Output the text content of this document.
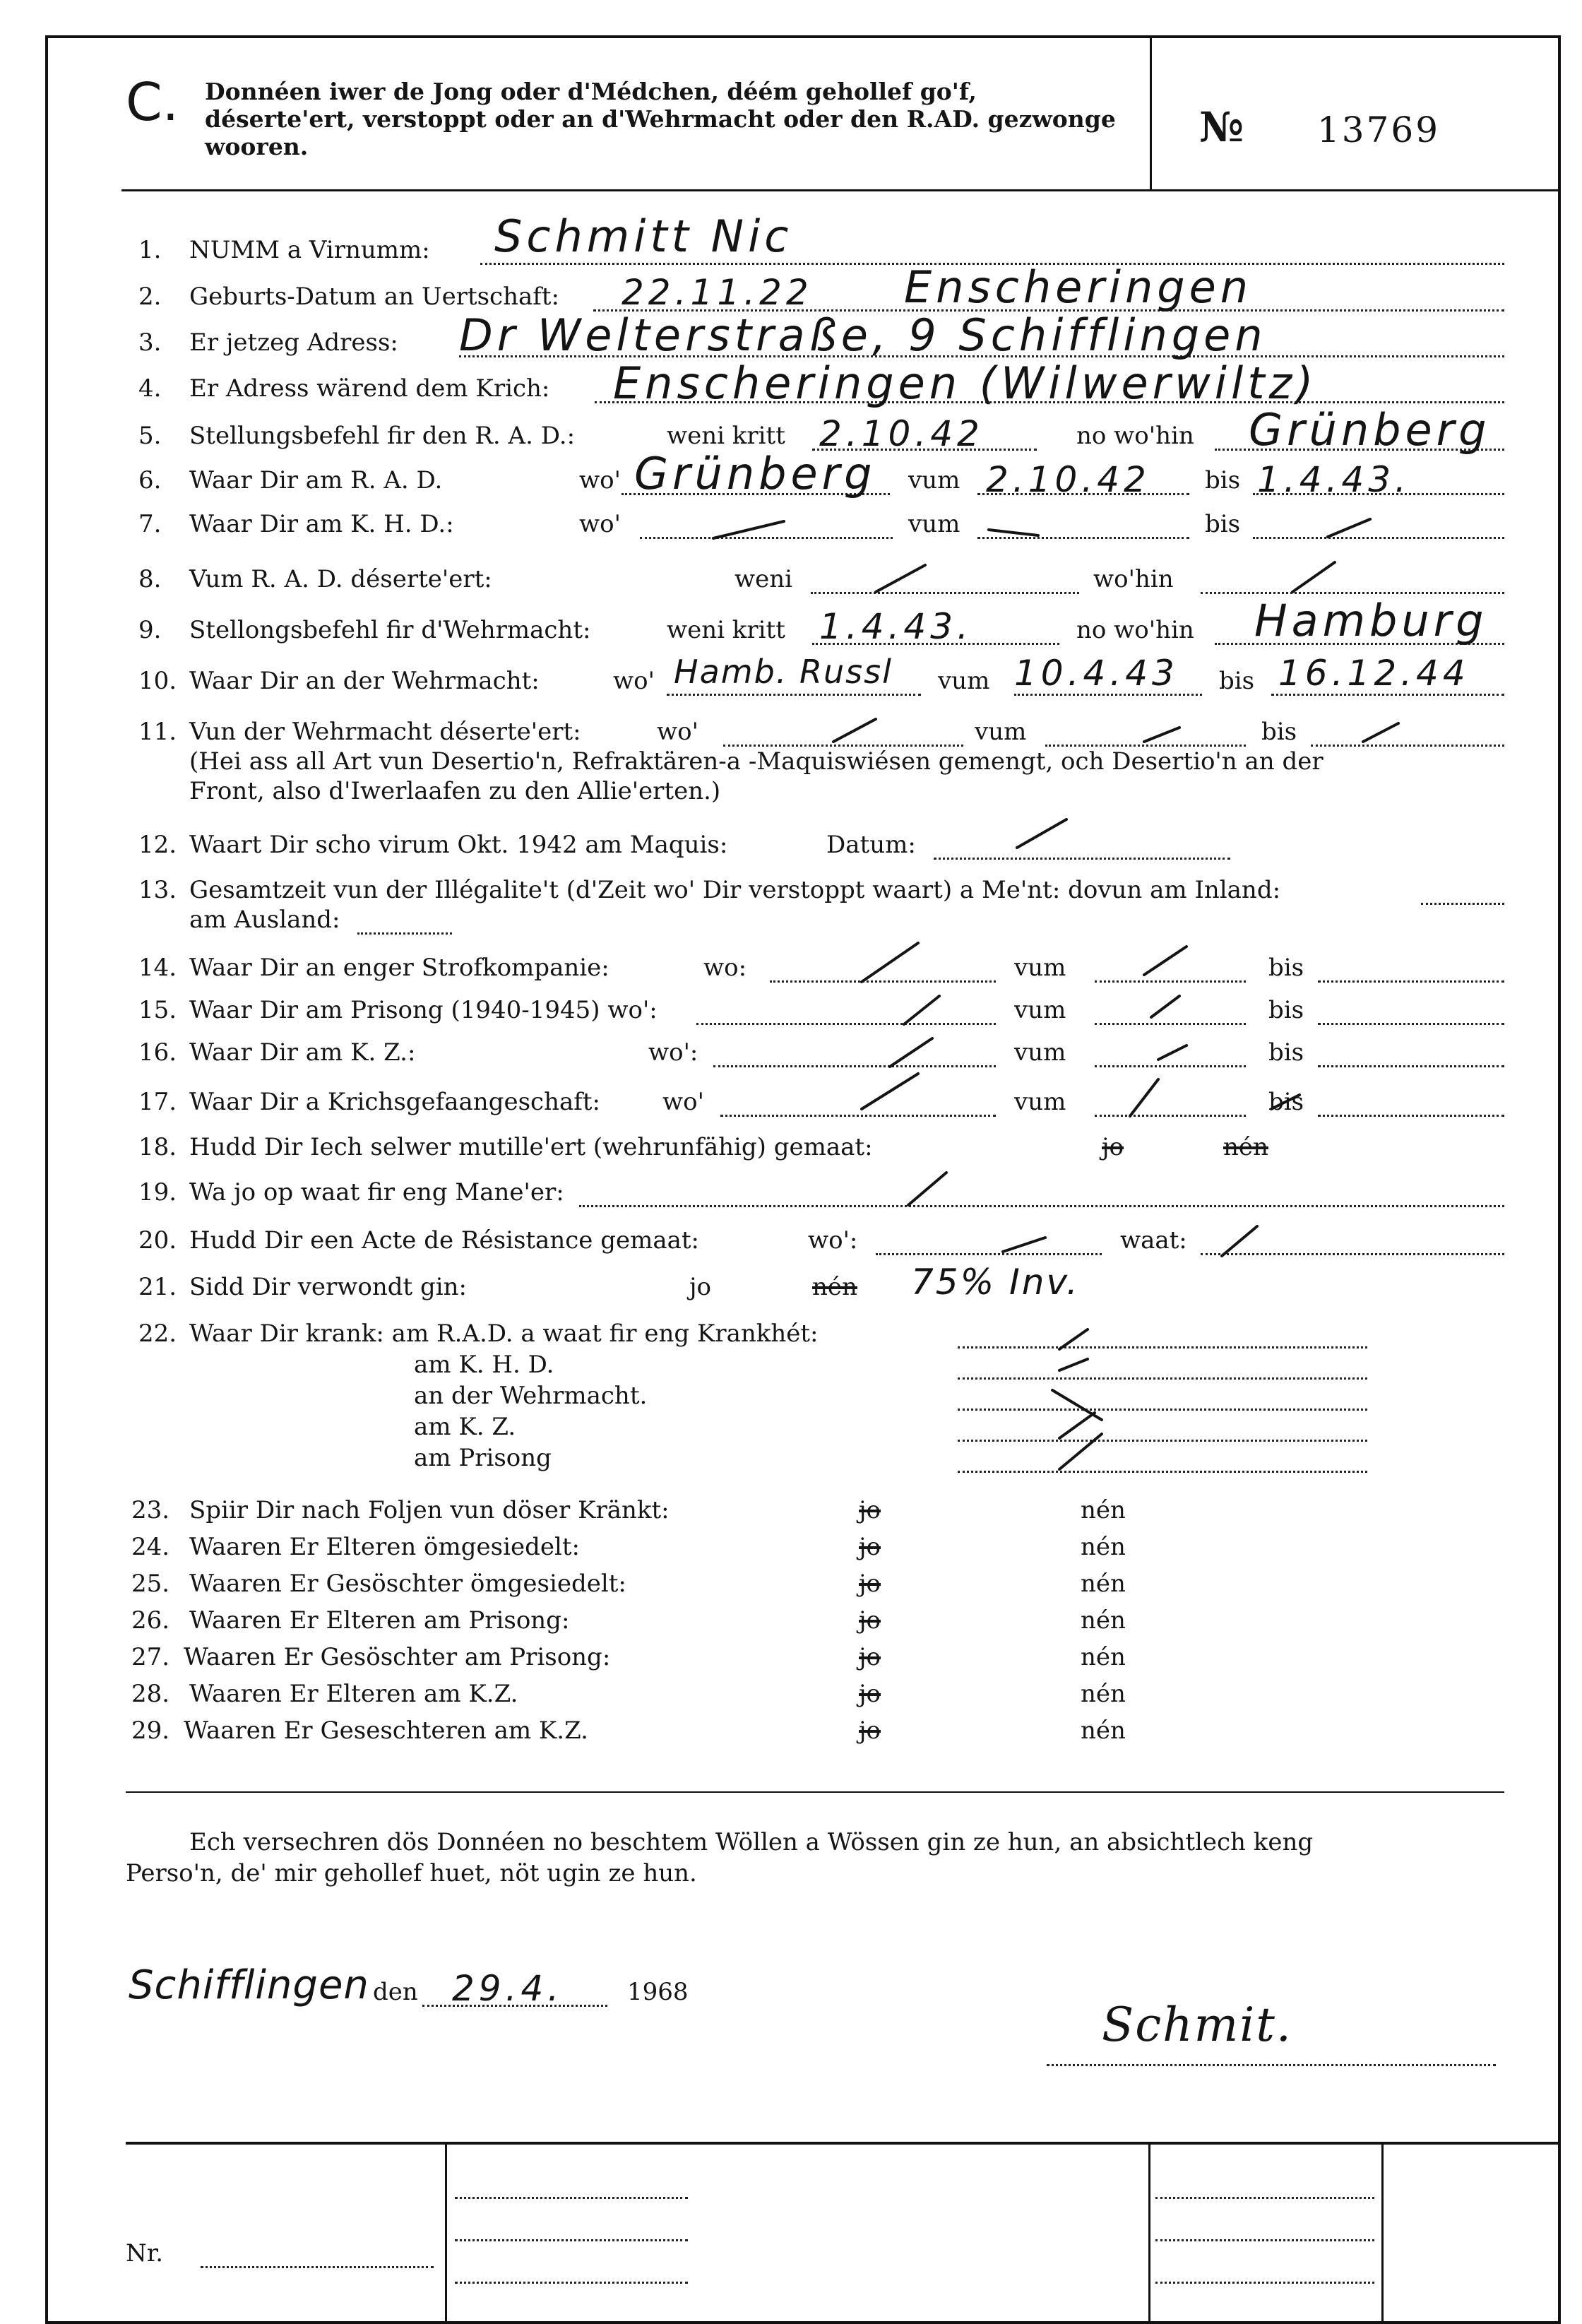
C. Donnéen iwer de Jong oder d'Médchen, déém gehollef go'f, déserte'ert, verstoppt oder an d'Wehrmacht oder den R.AD. gezwonge wooren.	№ 13769
1. NUMM a Virnumm: Schmitt Nic
2. Geburts-Datum an Uertschaft: 22.11.22 Enscheringen
3. Er jetzeg Adress: Dr Welterstraße, 9 Schifflingen
4. Er Adress wärend dem Krich: Enscheringen (Wilwerwiltz)
5. Stellungsbefehl fir den R. A. D.:	weni kritt 2.10.42	no wo'hin Grünberg
6. Waar Dir am R. A. D.	wo' Grünberg vum 2.10.42 bis 1.4.43.
7. Waar Dir am K. H. D.:	wo'	vum	bis
8. Vum R. A. D. déserte'ert:	weni	wo'hin
9. Stellongsbefehl fir d'Wehrmacht:	weni kritt 1.4.43.	no wo'hin Hamburg
10. Waar Dir an der Wehrmacht:	wo' Hamb. Russl vum 10.4.43 bis 16.12.44
11. Vun der Wehrmacht déserte'ert:	wo'	vum	bis
(Hei ass all Art vun Desertio'n, Refraktären-a -Maquiswiésen gemengt, och Desertio'n an der
Front, also d'Iwerlaafen zu den Allie'erten.)
12. Waart Dir scho virum Okt. 1942 am Maquis:	Datum:
13. Gesamtzeit vun der Illégalite't (d'Zeit wo' Dir verstoppt waart) a Me'nt: dovun am Inland:
am Ausland:
14. Waar Dir an enger Strofkompanie:	wo:	vum	bis
15. Waar Dir am Prisong (1940-1945) wo':	vum	bis
16. Waar Dir am K. Z.:	wo':	vum	bis
17. Waar Dir a Krichsgefaangeschaft:	wo'	vum	bis
18. Hudd Dir Iech selwer mutille'ert (wehrunfähig) gemaat:	jo	nén
19. Wa jo op waat fir eng Mane'er:
20. Hudd Dir een Acte de Résistance gemaat:	wo':	waat:
21. Sidd Dir verwondt gin:	jo	nén 75% Inv.
22. Waar Dir krank: am R.A.D. a waat fir eng Krankhét:
am K. H. D.
an der Wehrmacht.
am K. Z.
am Prisong
23. Spiir Dir nach Foljen vun döser Kränkt:	jo	nén
24. Waaren Er Elteren ömgesiedelt:	jo	nén
25. Waaren Er Gesöschter ömgesiedelt:	jo	nén
26. Waaren Er Elteren am Prisong:	jo	nén
27. Waaren Er Gesöschter am Prisong:	jo	nén
28. Waaren Er Elteren am K.Z.	jo	nén
29. Waaren Er Geseschteren am K.Z.	jo	nén
Ech versechren dös Donnéen no beschtem Wöllen a Wössen gin ze hun, an absichtlech keng
Perso'n, de' mir gehollef huet, nöt ugin ze hun.
Schifflingen den 29.4.	1968
Schmit.
Nr.
